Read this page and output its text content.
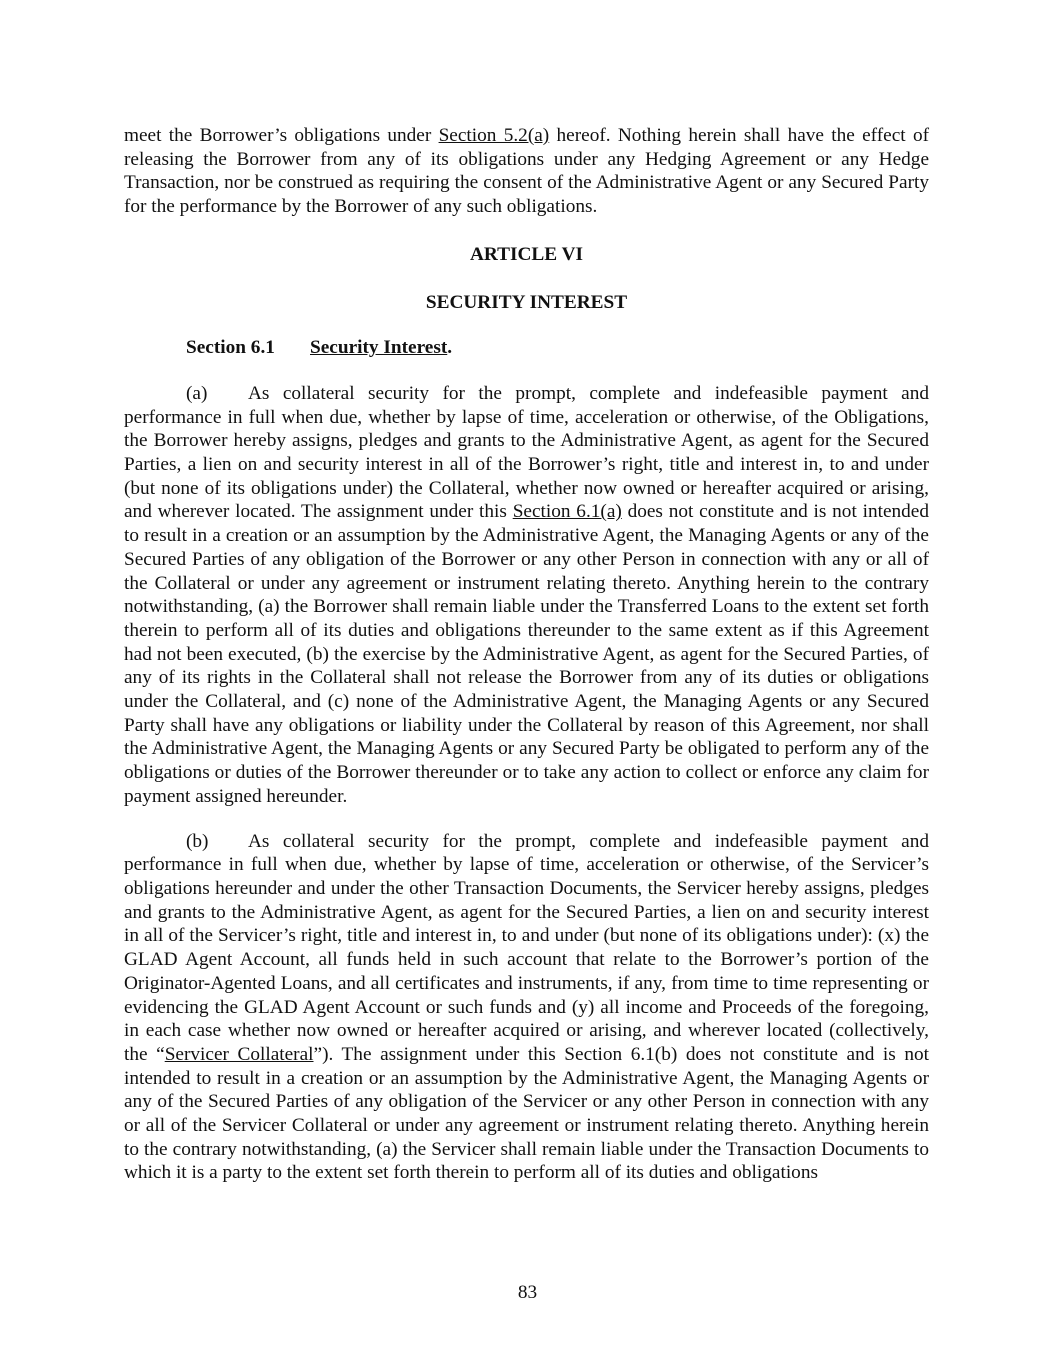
meet the Borrower’s obligations under Section 5.2(a) hereof. Nothing herein shall have the effect of releasing the Borrower from any of its obligations under any Hedging Agreement or any Hedge Transaction, nor be construed as requiring the consent of the Administrative Agent or any Secured Party for the performance by the Borrower of any such obligations.

ARTICLE VI
SECURITY INTEREST
Section 6.1 Security Interest.

(a) As collateral security for the prompt, complete and indefeasible payment and performance in full when due, whether by lapse of time, acceleration or otherwise, of the Obligations, the Borrower hereby assigns, pledges and grants to the Administrative Agent, as agent for the Secured Parties, a lien on and security interest in all of the Borrower’s right, title and interest in, to and under (but none of its obligations under) the Collateral, whether now owned or hereafter acquired or arising, and wherever located. The assignment under this Section 6.1(a) does not constitute and is not intended to result in a creation or an assumption by the Administrative Agent, the Managing Agents or any of the Secured Parties of any obligation of the Borrower or any other Person in connection with any or all of the Collateral or under any agreement or instrument relating thereto. Anything herein to the contrary notwithstanding, (a) the Borrower shall remain liable under the Transferred Loans to the extent set forth therein to perform all of its duties and obligations thereunder to the same extent as if this Agreement had not been executed, (b) the exercise by the Administrative Agent, as agent for the Secured Parties, of any of its rights in the Collateral shall not release the Borrower from any of its duties or obligations under the Collateral, and (c) none of the Administrative Agent, the Managing Agents or any Secured Party shall have any obligations or liability under the Collateral by reason of this Agreement, nor shall the Administrative Agent, the Managing Agents or any Secured Party be obligated to perform any of the obligations or duties of the Borrower thereunder or to take any action to collect or enforce any claim for payment assigned hereunder.

(b) As collateral security for the prompt, complete and indefeasible payment and performance in full when due, whether by lapse of time, acceleration or otherwise, of the Servicer’s obligations hereunder and under the other Transaction Documents, the Servicer hereby assigns, pledges and grants to the Administrative Agent, as agent for the Secured Parties, a lien on and security interest in all of the Servicer’s right, title and interest in, to and under (but none of its obligations under): (x) the GLAD Agent Account, all funds held in such account that relate to the Borrower’s portion of the Originator-Agented Loans, and all certificates and instruments, if any, from time to time representing or evidencing the GLAD Agent Account or such funds and (y) all income and Proceeds of the foregoing, in each case whether now owned or hereafter acquired or arising, and wherever located (collectively, the “Servicer Collateral”). The assignment under this Section 6.1(b) does not constitute and is not intended to result in a creation or an assumption by the Administrative Agent, the Managing Agents or any of the Secured Parties of any obligation of the Servicer or any other Person in connection with any or all of the Servicer Collateral or under any agreement or instrument relating thereto. Anything herein to the contrary notwithstanding, (a) the Servicer shall remain liable under the Transaction Documents to which it is a party to the extent set forth therein to perform all of its duties and obligations

83
